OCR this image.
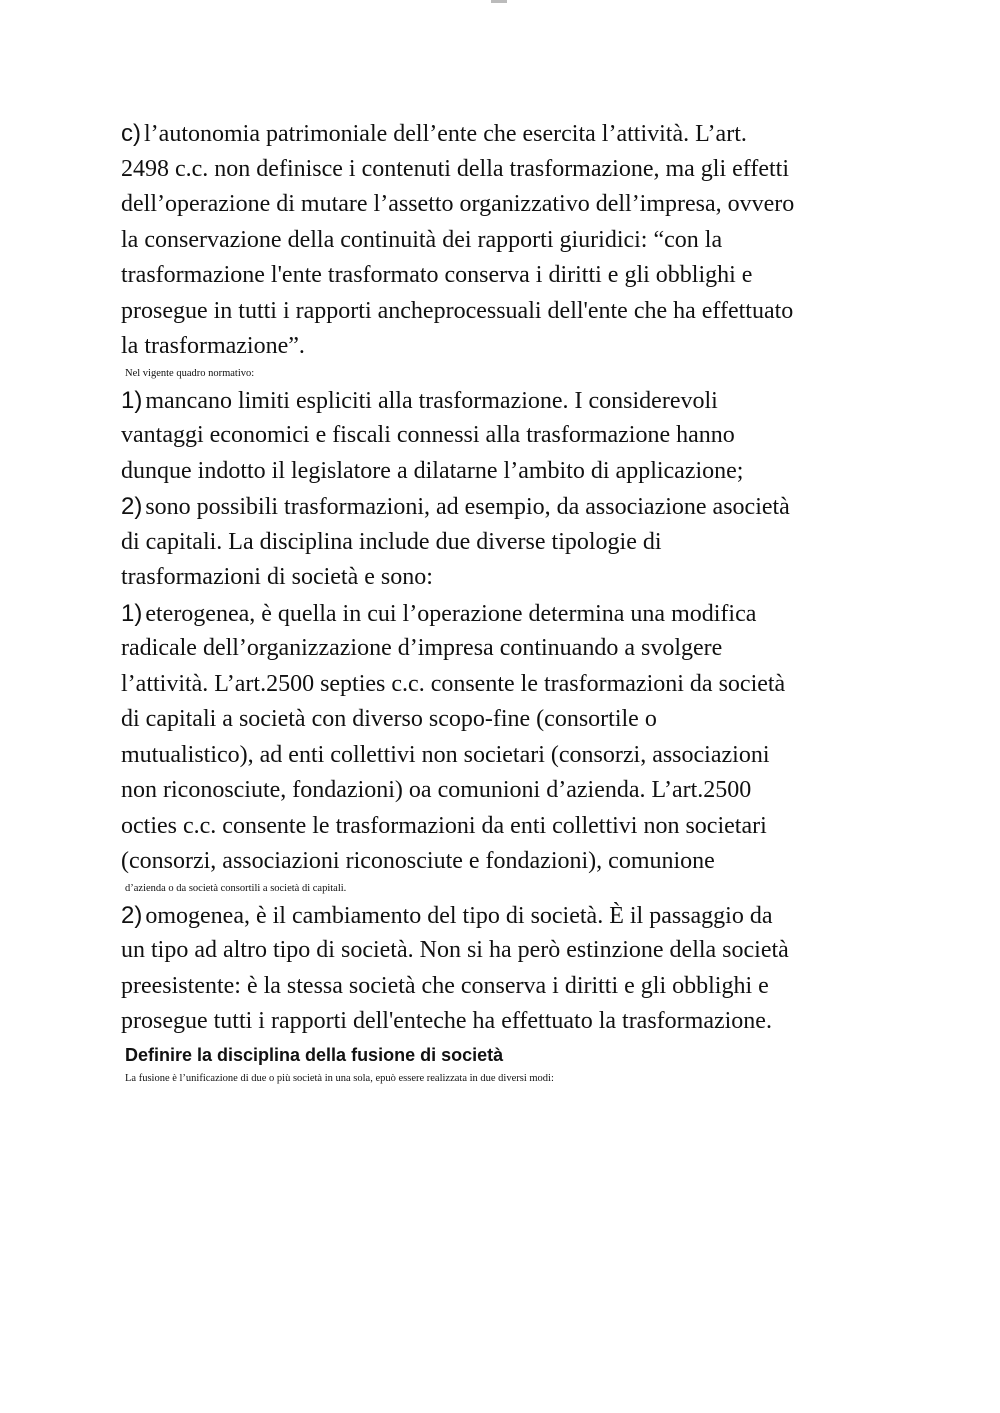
c) l’autonomia patrimoniale dell’ente che esercita l’attività. L’art.

2498 c.c. non definisce i contenuti della trasformazione, ma gli effetti

dell’operazione di mutare l’assetto organizzativo dell’impresa, ovvero

la conservazione della continuità dei rapporti giuridici: “con la

trasformazione l'ente trasformato conserva i diritti e gli obblighi e

prosegue in tutti i rapporti ancheprocessuali dell'ente che ha effettuato

la trasformazione”.

Nel vigente quadro normativo:

1) mancano limiti espliciti alla trasformazione. I considerevoli

vantaggi economici e fiscali connessi alla trasformazione hanno

dunque indotto il legislatore a dilatarne l’ambito di applicazione;

2) sono possibili trasformazioni, ad esempio, da associazione asocietà

di capitali. La disciplina include due diverse tipologie di

trasformazioni di società e sono:

1) eterogenea, è quella in cui l’operazione determina una modifica

radicale dell’organizzazione d’impresa continuando a svolgere

l’attività. L’art.2500 septies c.c. consente le trasformazioni da società

di capitali a società con diverso scopo-fine (consortile o

mutualistico), ad enti collettivi non societari (consorzi, associazioni

non riconosciute, fondazioni) oa comunioni d’azienda. L’art.2500

octies c.c. consente le trasformazioni da enti collettivi non societari

(consorzi, associazioni riconosciute e fondazioni), comunione

d’azienda o da società consortili a società di capitali.

2) omogenea, è il cambiamento del tipo di società. È il passaggio da

un tipo ad altro tipo di società. Non si ha però estinzione della società

preesistente: è la stessa società che conserva i diritti e gli obblighi e

prosegue tutti i rapporti dell'enteche ha effettuato la trasformazione.

Definire la disciplina della fusione di società

La fusione è l’unificazione di due o più società in una sola, epuò essere realizzata in due diversi modi:
